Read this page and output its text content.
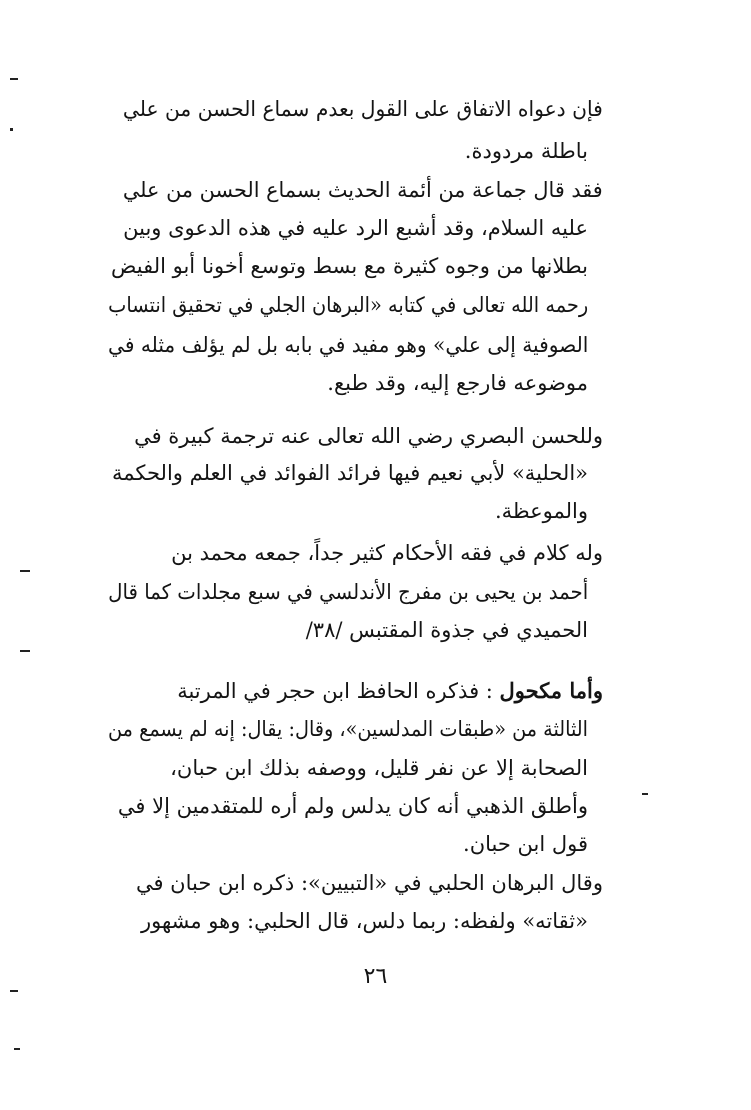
فإن دعواه الاتفاق على القول بعدم سماع الحسن من علي
باطلة مردودة.
فقد قال جماعة من أئمة الحديث بسماع الحسن من علي
عليه السلام، وقد أشبع الرد عليه في هذه الدعوى وبين
بطلانها من وجوه كثيرة مع بسط وتوسع أخونا أبو الفيض
رحمه الله تعالى في كتابه «البرهان الجلي في تحقيق انتساب
الصوفية إلى علي» وهو مفيد في بابه بل لم يؤلف مثله في
موضوعه فارجع إليه، وقد طبع.
وللحسن البصري رضي الله تعالى عنه ترجمة كبيرة في
«الحلية» لأبي نعيم فيها فرائد الفوائد في العلم والحكمة
والموعظة.
وله كلام في فقه الأحكام كثير جداً، جمعه محمد بن
أحمد بن يحيى بن مفرج الأندلسي في سبع مجلدات كما قال
الحميدي في جذوة المقتبس /٣٨/
وأما مكحول : فذكره الحافظ ابن حجر في المرتبة
الثالثة من «طبقات المدلسين»، وقال: يقال: إنه لم يسمع من
الصحابة إلا عن نفر قليل، ووصفه بذلك ابن حبان،
وأطلق الذهبي أنه كان يدلس ولم أره للمتقدمين إلا في
قول ابن حبان.
وقال البرهان الحلبي في «التبيين»: ذكره ابن حبان في
«ثقاته» ولفظه: ربما دلس، قال الحلبي: وهو مشهور
٢٦
